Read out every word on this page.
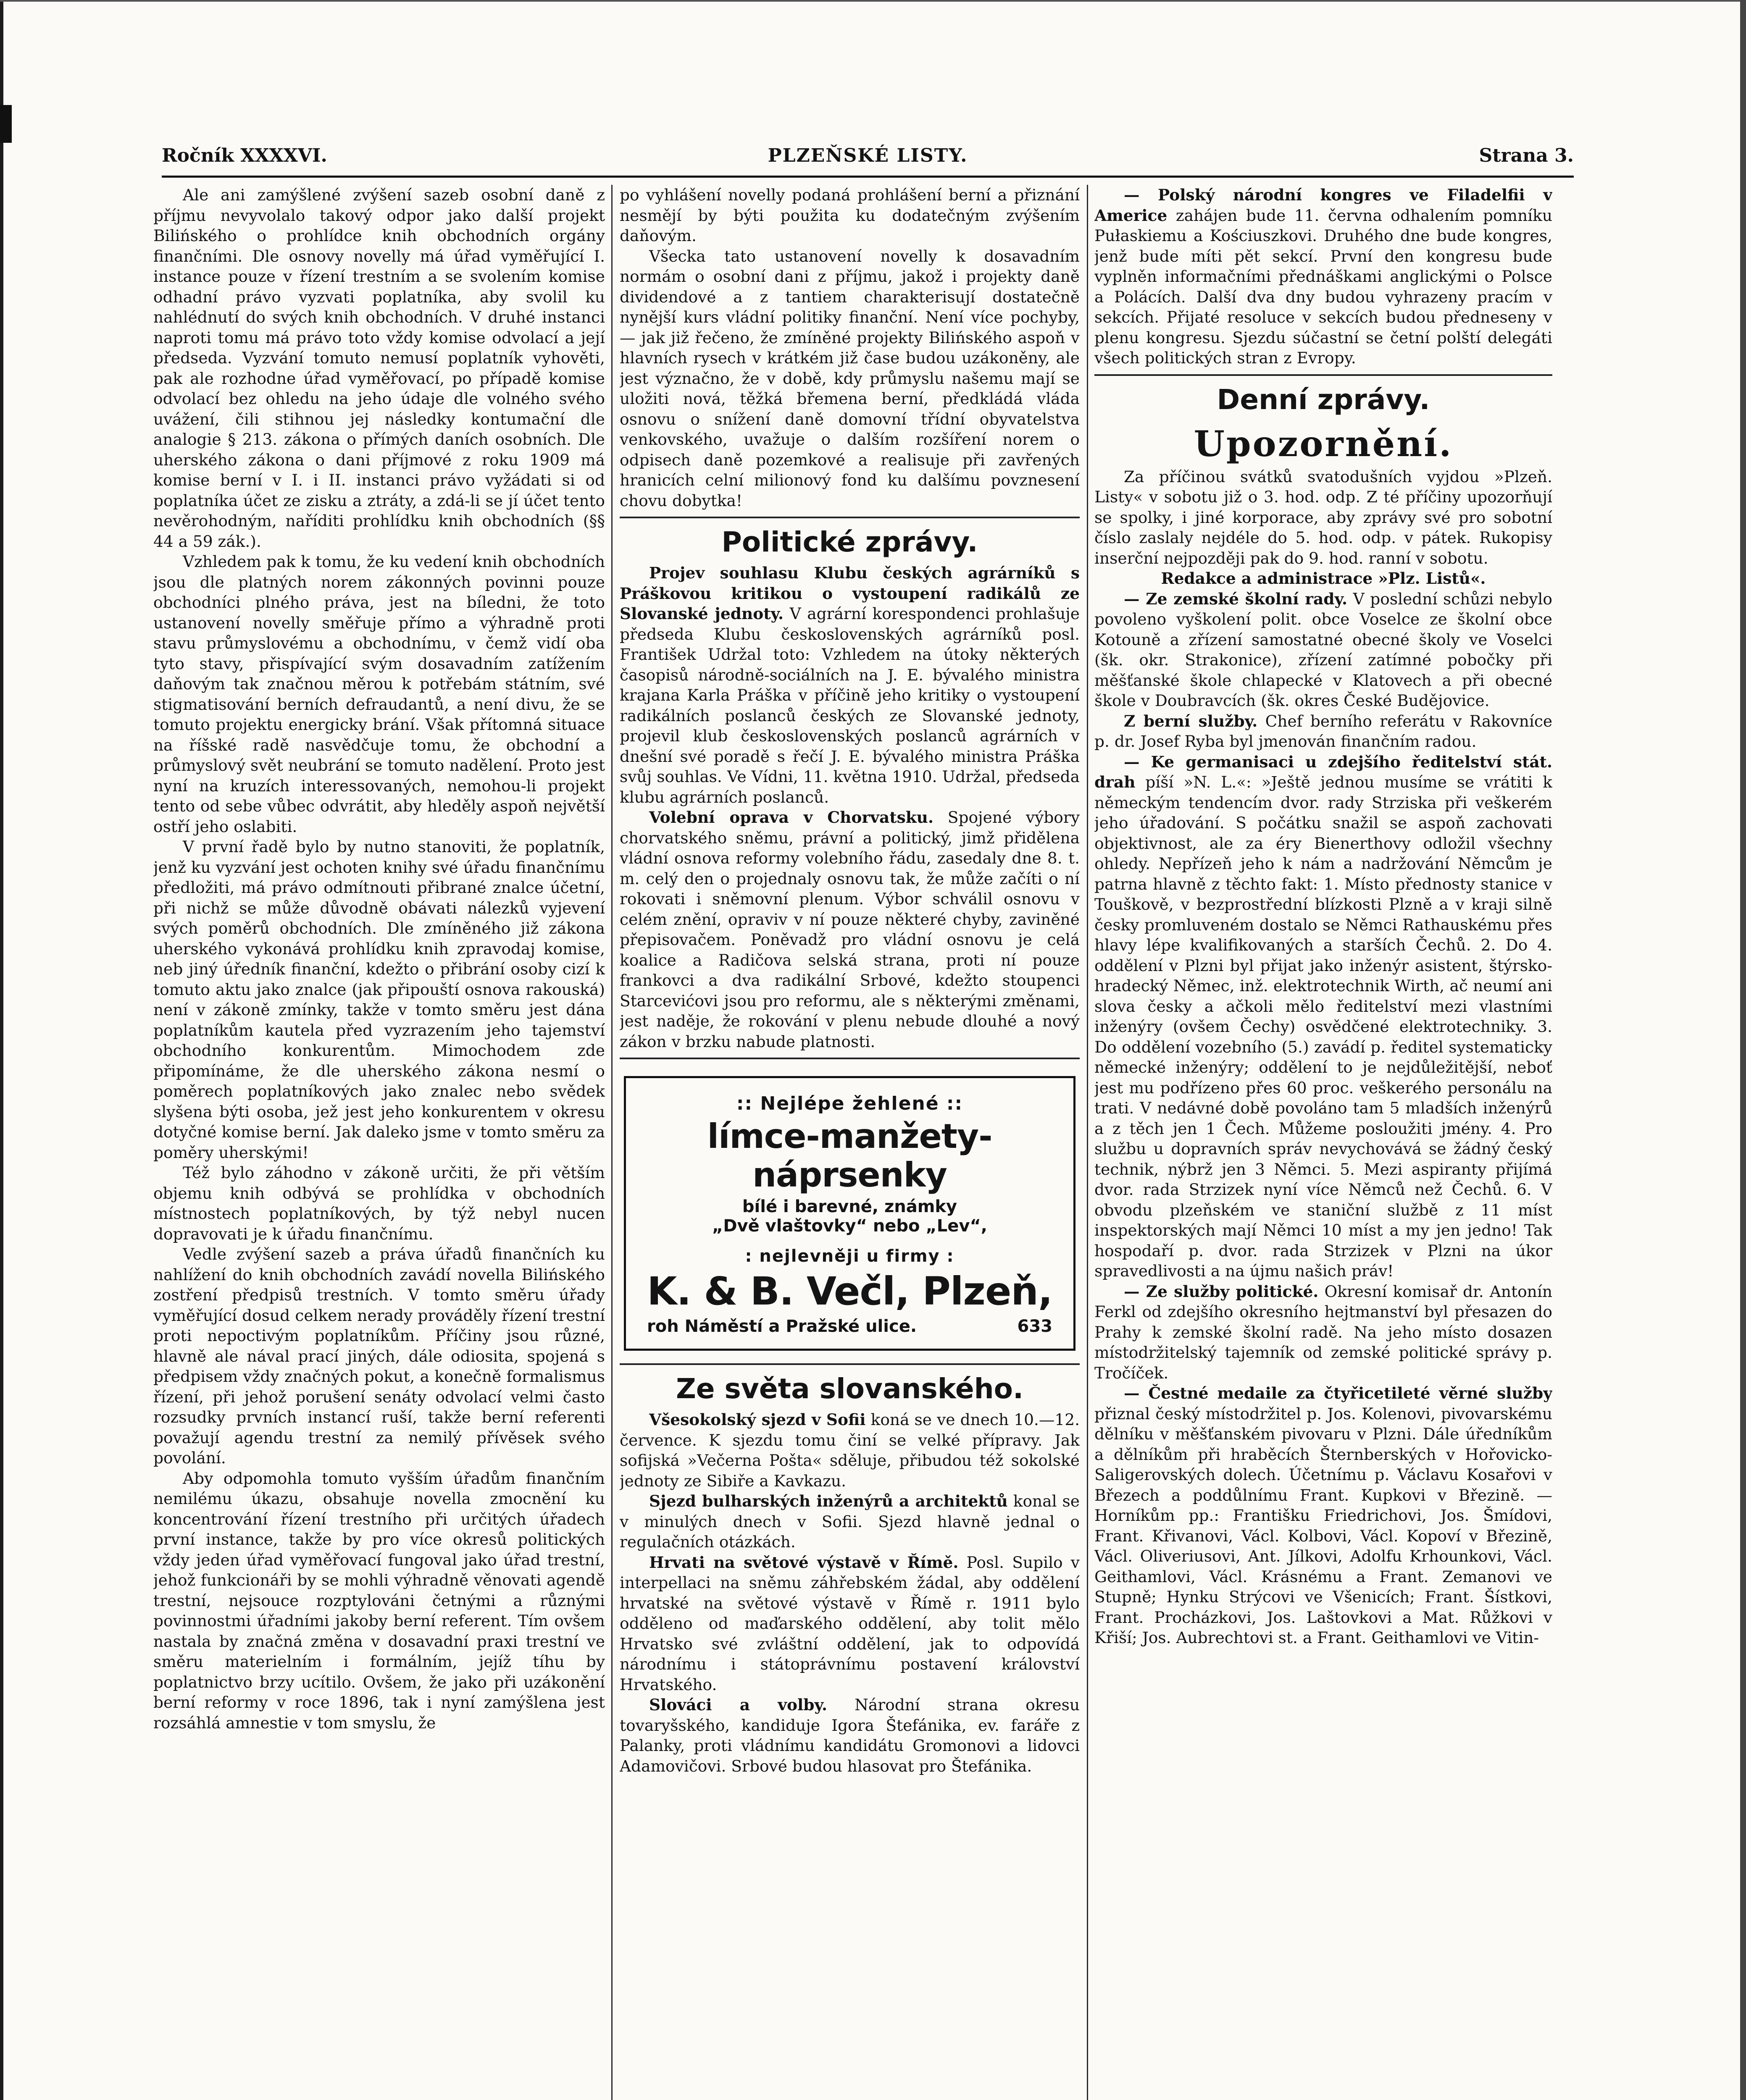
Ročník XXXXVI.	PLZEŇSKÉ LISTY.	Strana 3.

Ale ani zamýšlené zvýšení sazeb osobní daně z příjmu nevyvolalo takový odpor jako další projekt Bilińského o prohlídce knih obchodních orgány finančními. Dle osnovy novelly má úřad vyměřující I. instance pouze v řízení trestním a se svolením komise odhadní právo vyzvati poplatníka, aby svolil ku nahlédnutí do svých knih obchodních. V druhé instanci naproti tomu má právo toto vždy komise odvolací a její předseda. Vyzvání tomuto nemusí poplatník vyhověti, pak ale rozhodne úřad vyměřovací, po případě komise odvolací bez ohledu na jeho údaje dle volného svého uvážení, čili stihnou jej následky kontumační dle analogie § 213. zákona o přímých daních osobních. Dle uherského zákona o dani příjmové z roku 1909 má komise berní v I. i II. instanci právo vyžádati si od poplatníka účet ze zisku a ztráty, a zdá-li se jí účet tento nevěrohodným, naříditi prohlídku knih obchodních (§§ 44 a 59 zák.).

Vzhledem pak k tomu, že ku vedení knih obchodních jsou dle platných norem zákonných povinni pouze obchodníci plného práva, jest na bíledni, že toto ustanovení novelly směřuje přímo a výhradně proti stavu průmyslovému a obchodnímu, v čemž vidí oba tyto stavy, přispívající svým dosavadním zatížením daňovým tak značnou měrou k potřebám státním, své stigmatisování berních defraudantů, a není divu, že se tomuto projektu energicky brání. Však přítomná situace na říšské radě nasvědčuje tomu, že obchodní a průmyslový svět neubrání se tomuto nadělení. Proto jest nyní na kruzích interessovaných, nemohou-li projekt tento od sebe vůbec odvrátit, aby hleděly aspoň největší ostří jeho oslabiti.

V první řadě bylo by nutno stanoviti, že poplatník, jenž ku vyzvání jest ochoten knihy své úřadu finančnímu předložiti, má právo odmítnouti přibrané znalce účetní, při nichž se může důvodně obávati nálezků vyjevení svých poměrů obchodních. Dle zmíněného již zákona uherského vykonává prohlídku knih zpravodaj komise, neb jiný úředník finanční, kdežto o přibrání osoby cizí k tomuto aktu jako znalce (jak připouští osnova rakouská) není v zákoně zmínky, takže v tomto směru jest dána poplatníkům kautela před vyzrazením jeho tajemství obchodního konkurentům. Mimochodem zde připomínáme, že dle uherského zákona nesmí o poměrech poplatníkových jako znalec nebo svědek slyšena býti osoba, jež jest jeho konkurentem v okresu dotyčné komise berní. Jak daleko jsme v tomto směru za poměry uherskými!

Též bylo záhodno v zákoně určiti, že při větším objemu knih odbývá se prohlídka v obchodních místnostech poplatníkových, by týž nebyl nucen dopravovati je k úřadu finančnímu.

Vedle zvýšení sazeb a práva úřadů finančních ku nahlížení do knih obchodních zavádí novella Bilińského zostření předpisů trestních. V tomto směru úřady vyměřující dosud celkem nerady prováděly řízení trestní proti nepoctivým poplatníkům. Příčiny jsou různé, hlavně ale nával prací jiných, dále odiosita, spojená s předpisem vždy značných pokut, a konečně formalismus řízení, při jehož porušení senáty odvolací velmi často rozsudky prvních instancí ruší, takže berní referenti považují agendu trestní za nemilý přívěsek svého povolání.

Aby odpomohla tomuto vyšším úřadům finančním nemilému úkazu, obsahuje novella zmocnění ku koncentrování řízení trestního při určitých úřadech první instance, takže by pro více okresů politických vždy jeden úřad vyměřovací fungoval jako úřad trestní, jehož funkcionáři by se mohli výhradně věnovati agendě trestní, nejsouce rozptylováni četnými a různými povinnostmi úřadními jakoby berní referent. Tím ovšem nastala by značná změna v dosavadní praxi trestní ve směru materielním i formálním, jejíž tíhu by poplatnictvo brzy ucítilo. Ovšem, že jako při uzákonění berní reformy v roce 1896, tak i nyní zamýšlena jest rozsáhlá amnestie v tom smyslu, že

po vyhlášení novelly podaná prohlášení berní a přiznání nesmějí by býti použita ku dodatečným zvýšením daňovým.

Všecka tato ustanovení novelly k dosavadním normám o osobní dani z příjmu, jakož i projekty daně dividendové a z tantiem charakterisují dostatečně nynější kurs vládní politiky finanční. Není více pochyby, — jak již řečeno, že zmíněné projekty Bilińského aspoň v hlavních rysech v krátkém již čase budou uzákoněny, ale jest význačno, že v době, kdy průmyslu našemu mají se uložiti nová, těžká břemena berní, předkládá vláda osnovu o snížení daně domovní třídní obyvatelstva venkovského, uvažuje o dalším rozšíření norem o odpisech daně pozemkové a realisuje při zavřených hranicích celní milionový fond ku dalšímu povznesení chovu dobytka!

Politické zprávy.

Projev souhlasu Klubu českých agrárníků s Práškovou kritikou o vystoupení radikálů ze Slovanské jednoty. V agrární korespondenci prohlašuje předseda Klubu československých agrárníků posl. František Udržal toto: Vzhledem na útoky některých časopisů národně-sociálních na J. E. bývalého ministra krajana Karla Práška v příčině jeho kritiky o vystoupení radikálních poslanců českých ze Slovanské jednoty, projevil klub československých poslanců agrárních v dnešní své poradě s řečí J. E. bývalého ministra Práška svůj souhlas. Ve Vídni, 11. května 1910. Udržal, předseda klubu agrárních poslanců.

Volební oprava v Chorvatsku. Spojené výbory chorvatského sněmu, právní a politický, jimž přidělena vládní osnova reformy volebního řádu, zasedaly dne 8. t. m. celý den o projednaly osnovu tak, že může začíti o ní rokovati i sněmovní plenum. Výbor schválil osnovu v celém znění, opraviv v ní pouze některé chyby, zaviněné přepisovačem. Poněvadž pro vládní osnovu je celá koalice a Radičova selská strana, proti ní pouze frankovci a dva radikální Srbové, kdežto stoupenci Starcevićovi jsou pro reformu, ale s některými změnami, jest naděje, že rokování v plenu nebude dlouhé a nový zákon v brzku nabude platnosti.

:: Nejlépe žehlené ::
límce-manžety-náprsenky
bílé i barevné, známky
„Dvě vlaštovky“ nebo „Lev“,
: nejlevněji u firmy :
K. & B. Večl, Plzeň,
roh Náměstí a Pražské ulice.	633
Ze světa slovanského.

Všesokolský sjezd v Sofii koná se ve dnech 10.—12. července. K sjezdu tomu činí se velké přípravy. Jak sofijská »Večerna Pošta« sděluje, přibudou též sokolské jednoty ze Sibiře a Kavkazu.

Sjezd bulharských inženýrů a architektů konal se v minulých dnech v Sofii. Sjezd hlavně jednal o regulačních otázkách.

Hrvati na světové výstavě v Římě. Posl. Supilo v interpellaci na sněmu záhřebském žádal, aby oddělení hrvatské na světové výstavě v Římě r. 1911 bylo odděleno od maďarského oddělení, aby tolit mělo Hrvatsko své zvláštní oddělení, jak to odpovídá národnímu i státoprávnímu postavení království Hrvatského.

Slováci a volby. Národní strana okresu tovaryšského, kandiduje Igora Štefánika, ev. faráře z Palanky, proti vládnímu kandidátu Gromonovi a lidovci Adamovičovi. Srbové budou hlasovat pro Štefánika.

— Polský národní kongres ve Filadelfii v Americe zahájen bude 11. června odhalením pomníku Pułaskiemu a Kościuszkovi. Druhého dne bude kongres, jenž bude míti pět sekcí. První den kongresu bude vyplněn informačními přednáškami anglickými o Polsce a Polácích. Další dva dny budou vyhrazeny pracím v sekcích. Přijaté resoluce v sekcích budou předneseny v plenu kongresu. Sjezdu súčastní se četní polští delegáti všech politických stran z Evropy.

Denní zprávy.
Upozornění.

Za příčinou svátků svatodušních vyjdou »Plzeň. Listy« v sobotu již o 3. hod. odp. Z té příčiny upozorňují se spolky, i jiné korporace, aby zprávy své pro sobotní číslo zaslaly nejdéle do 5. hod. odp. v pátek. Rukopisy inserční nejpozději pak do 9. hod. ranní v sobotu.

Redakce a administrace »Plz. Listů«.

— Ze zemské školní rady. V poslední schůzi nebylo povoleno vyškolení polit. obce Voselce ze školní obce Kotouně a zřízení samostatné obecné školy ve Voselci (šk. okr. Strakonice), zřízení zatímné pobočky při měšťanské škole chlapecké v Klatovech a při obecné škole v Doubravcích (šk. okres České Budějovice.

Z berní služby. Chef berního referátu v Rakovníce p. dr. Josef Ryba byl jmenován finančním radou.

— Ke germanisaci u zdejšího ředitelství stát. drah píší »N. L.«: »Ještě jednou musíme se vrátiti k německým tendencím dvor. rady Strziska při veškerém jeho úřadování. S počátku snažil se aspoň zachovati objektivnost, ale za éry Bienerthovy odložil všechny ohledy. Nepřízeň jeho k nám a nadržování Němcům je patrna hlavně z těchto fakt: 1. Místo přednosty stanice v Touškově, v bezprostřední blízkosti Plzně a v kraji silně česky promluveném dostalo se Němci Rathauskému přes hlavy lépe kvalifikovaných a starších Čechů. 2. Do 4. oddělení v Plzni byl přijat jako inženýr asistent, štýrsko-hradecký Němec, inž. elektrotechnik Wirth, ač neumí ani slova česky a ačkoli mělo ředitelství mezi vlastními inženýry (ovšem Čechy) osvědčené elektrotechniky. 3. Do oddělení vozebního (5.) zavádí p. ředitel systematicky německé inženýry; oddělení to je nejdůležitější, neboť jest mu podřízeno přes 60 proc. veškerého personálu na trati. V nedávné době povoláno tam 5 mladších inženýrů a z těch jen 1 Čech. Můžeme posloužiti jmény. 4. Pro službu u dopravních správ nevychovává se žádný český technik, nýbrž jen 3 Němci. 5. Mezi aspiranty přijímá dvor. rada Strzizek nyní více Němců než Čechů. 6. V obvodu plzeňském ve staniční službě z 11 míst inspektorských mají Němci 10 míst a my jen jedno! Tak hospodaří p. dvor. rada Strzizek v Plzni na úkor spravedlivosti a na újmu našich práv!

— Ze služby politické. Okresní komisař dr. Antonín Ferkl od zdejšího okresního hejtmanství byl přesazen do Prahy k zemské školní radě. Na jeho místo dosazen místodržitelský tajemník od zemské politické správy p. Tročíček.

— Čestné medaile za čtyřicetileté věrné služby přiznal český místodržitel p. Jos. Kolenovi, pivovarskému dělníku v měšťanském pivovaru v Plzni. Dále úředníkům a dělníkům při hraběcích Šternberských v Hořovicko-Saligerovských dolech. Účetnímu p. Václavu Kosařovi v Březech a poddůlnímu Frant. Kupkovi v Březině. — Horníkům pp.: Františku Friedrichovi, Jos. Šmídovi, Frant. Křivanovi, Václ. Kolbovi, Václ. Kopoví v Březině, Václ. Oliveriusovi, Ant. Jílkovi, Adolfu Krhounkovi, Václ. Geithamlovi, Václ. Krásnému a Frant. Zemanovi ve Stupně; Hynku Strýcovi ve Všenicích; Frant. Šístkovi, Frant. Procházkovi, Jos. Laštovkovi a Mat. Růžkovi v Křiší; Jos. Aubrechtovi st. a Frant. Geithamlovi ve Vitin-
